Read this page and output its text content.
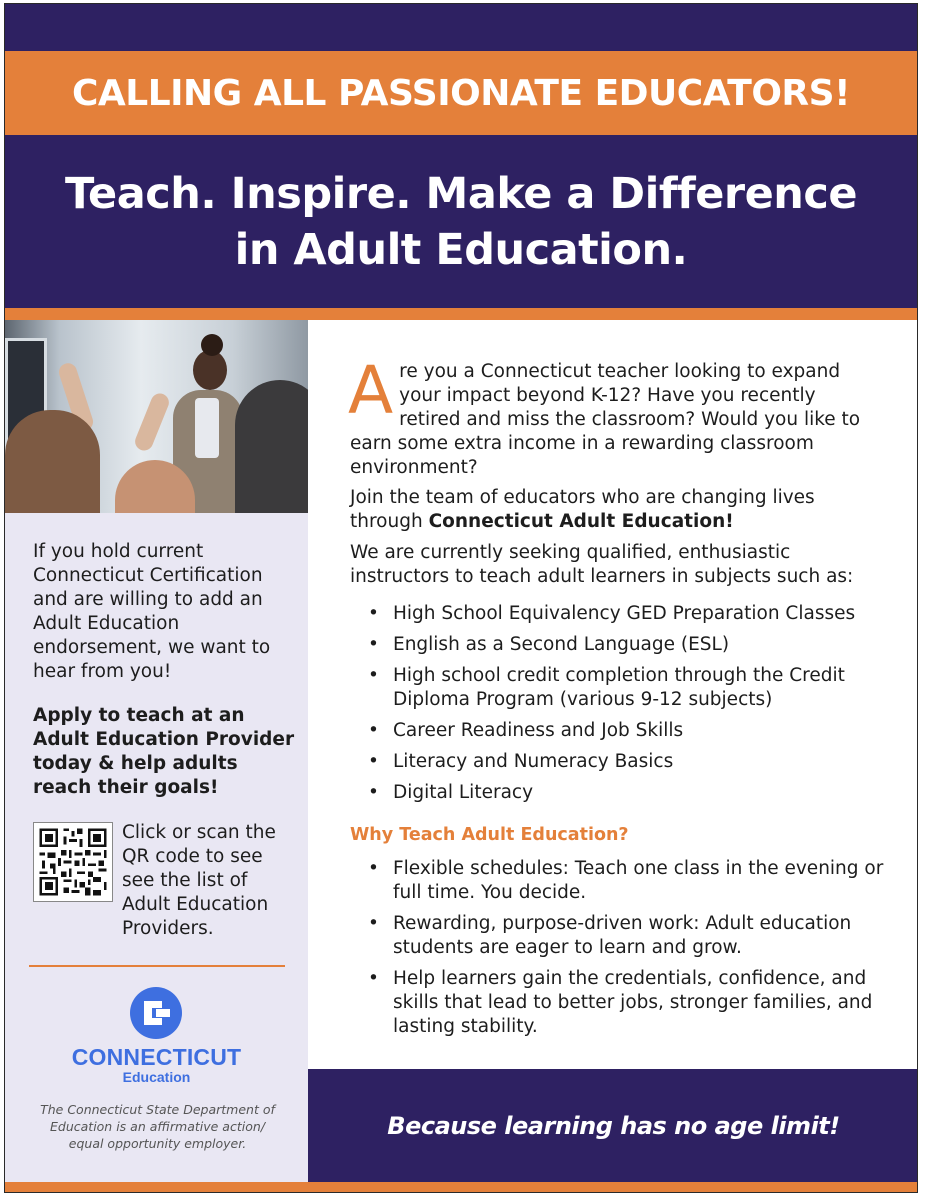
CALLING ALL PASSIONATE EDUCATORS!
Teach. Inspire. Make a Difference
in Adult Education.
If you hold current Connecticut Certification and are willing to add an Adult Education endorsement, we want to hear from you!
Apply to teach at an Adult Education Provider today & help adults reach their goals!
Click or scan the QR code to see see the list of Adult Education Providers.
CONNECTICUT
Education
The Connecticut State Department of Education is an affirmative action/ equal opportunity employer.
Are you a Connecticut teacher looking to expand your impact beyond K-12? Have you recently retired and miss the classroom? Would you like to earn some extra income in a rewarding classroom environment?
Join the team of educators who are changing lives through Connecticut Adult Education!
We are currently seeking qualified, enthusiastic instructors to teach adult learners in subjects such as:
• High School Equivalency GED Preparation Classes
• English as a Second Language (ESL)
• High school credit completion through the Credit Diploma Program (various 9-12 subjects)
• Career Readiness and Job Skills
• Literacy and Numeracy Basics
• Digital Literacy
Why Teach Adult Education?
• Flexible schedules: Teach one class in the evening or full time. You decide.
• Rewarding, purpose-driven work: Adult education students are eager to learn and grow.
• Help learners gain the credentials, confidence, and skills that lead to better jobs, stronger families, and lasting stability.
Because learning has no age limit!
